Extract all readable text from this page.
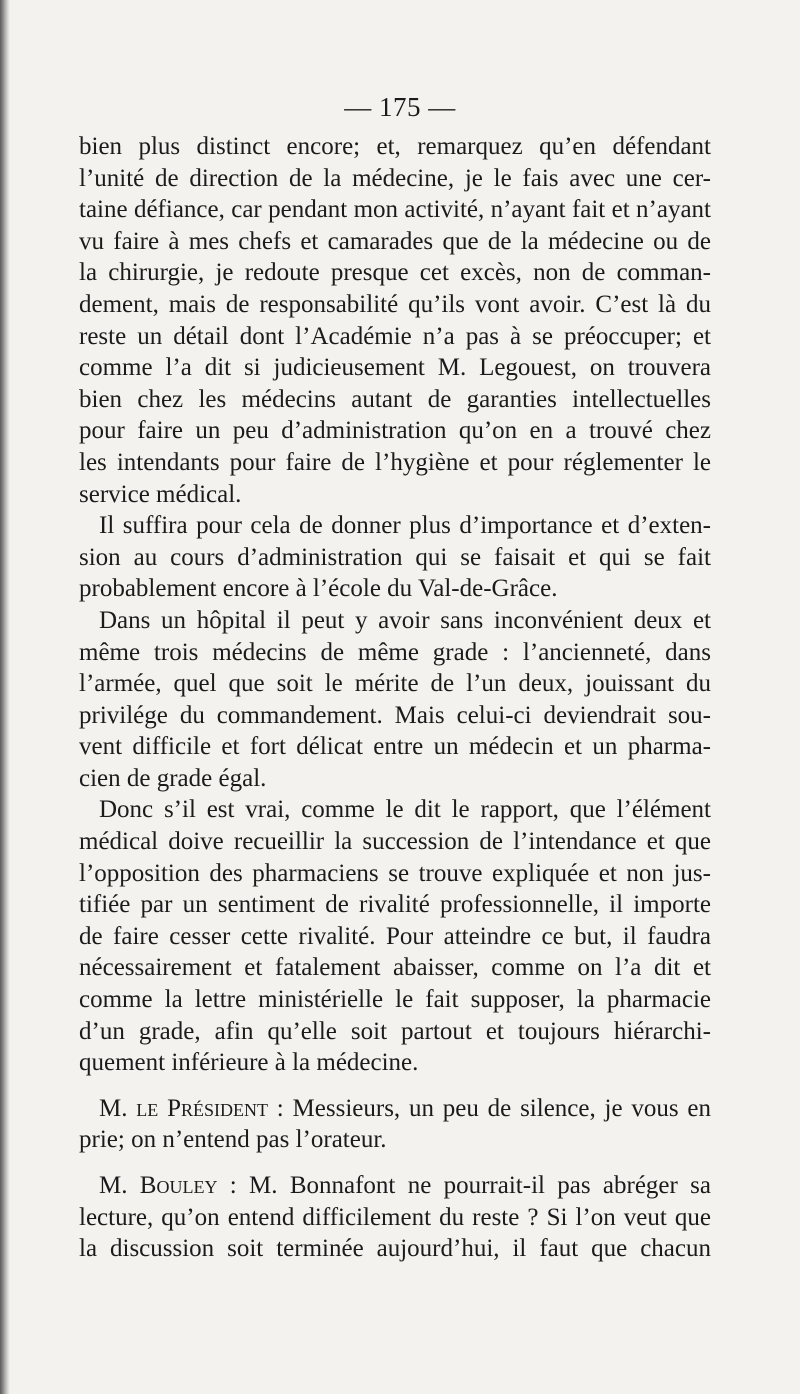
— 175 —
bien plus distinct encore; et, remarquez qu’en défendant
l’unité de direction de la médecine, je le fais avec une cer-
taine défiance, car pendant mon activité, n’ayant fait et n’ayant
vu faire à mes chefs et camarades que de la médecine ou de
la chirurgie, je redoute presque cet excès, non de comman-
dement, mais de responsabilité qu’ils vont avoir. C’est là du
reste un détail dont l’Académie n’a pas à se préoccuper; et
comme l’a dit si judicieusement M. Legouest, on trouvera
bien chez les médecins autant de garanties intellectuelles
pour faire un peu d’administration qu’on en a trouvé chez
les intendants pour faire de l’hygiène et pour réglementer le
service médical.
Il suffira pour cela de donner plus d’importance et d’exten-
sion au cours d’administration qui se faisait et qui se fait
probablement encore à l’école du Val-de-Grâce.
Dans un hôpital il peut y avoir sans inconvénient deux et
même trois médecins de même grade : l’ancienneté, dans
l’armée, quel que soit le mérite de l’un deux, jouissant du
privilége du commandement. Mais celui-ci deviendrait sou-
vent difficile et fort délicat entre un médecin et un pharma-
cien de grade égal.
Donc s’il est vrai, comme le dit le rapport, que l’élément
médical doive recueillir la succession de l’intendance et que
l’opposition des pharmaciens se trouve expliquée et non jus-
tifiée par un sentiment de rivalité professionnelle, il importe
de faire cesser cette rivalité. Pour atteindre ce but, il faudra
nécessairement et fatalement abaisser, comme on l’a dit et
comme la lettre ministérielle le fait supposer, la pharmacie
d’un grade, afin qu’elle soit partout et toujours hiérarchi-
quement inférieure à la médecine.
M. le Président : Messieurs, un peu de silence, je vous en
prie; on n’entend pas l’orateur.
M. Bouley : M. Bonnafont ne pourrait-il pas abréger sa
lecture, qu’on entend difficilement du reste ? Si l’on veut que
la discussion soit terminée aujourd’hui, il faut que chacun
